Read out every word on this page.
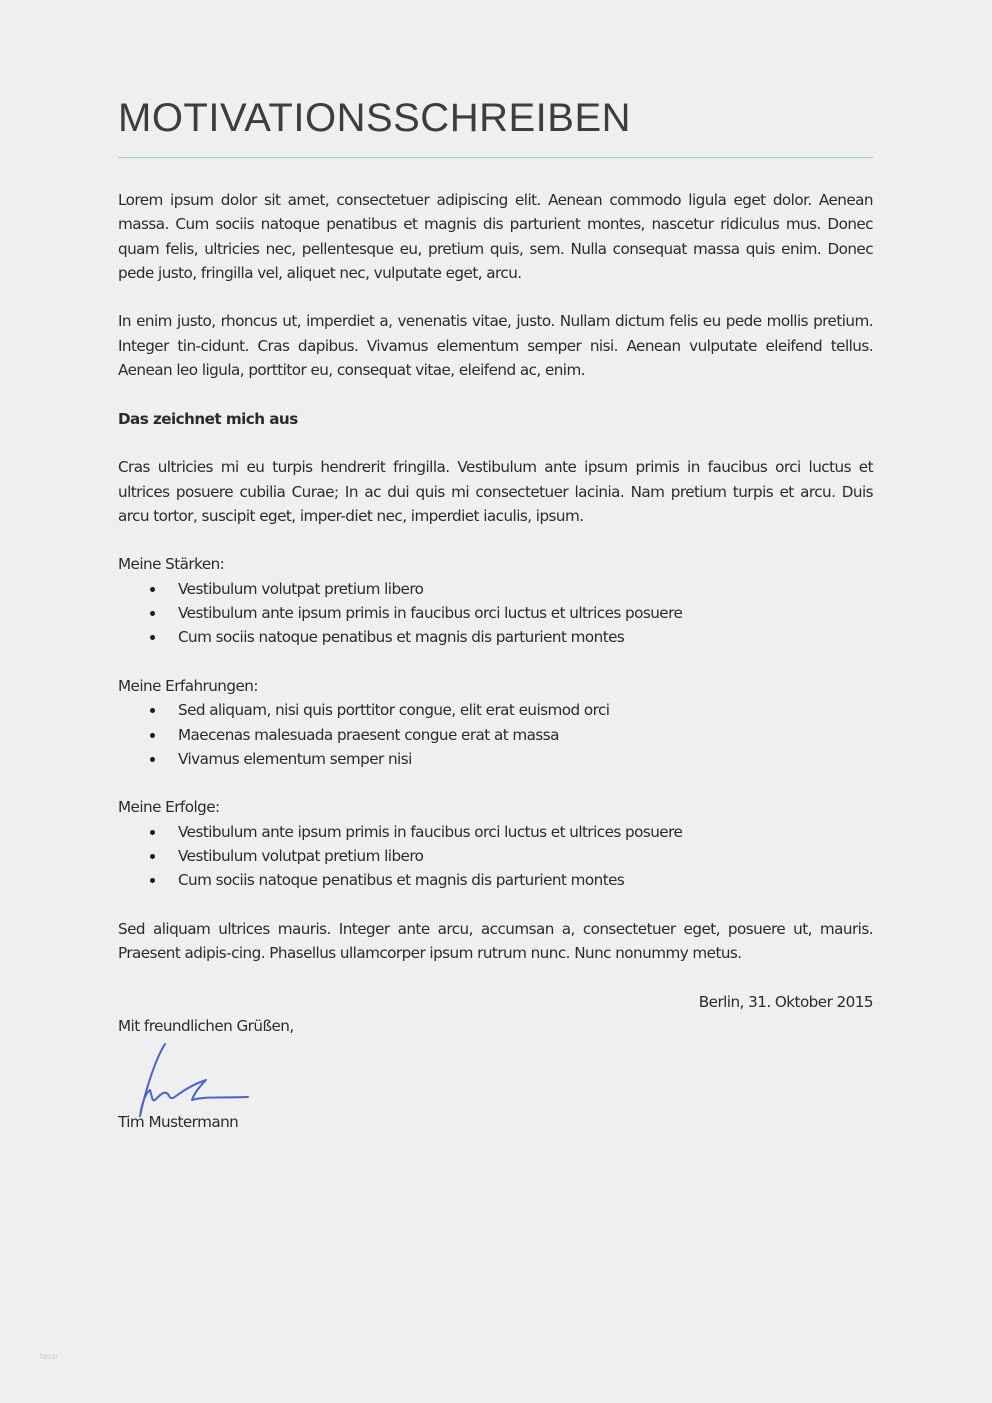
MOTIVATIONSSCHREIBEN

Lorem ipsum dolor sit amet, consectetuer adipiscing elit. Aenean commodo ligula eget dolor. Aenean massa. Cum sociis natoque penatibus et magnis dis parturient montes, nascetur ridiculus mus. Donec quam felis, ultricies nec, pellentesque eu, pretium quis, sem. Nulla consequat massa quis enim. Donec pede justo, fringilla vel, aliquet nec, vulputate eget, arcu.

In enim justo, rhoncus ut, imperdiet a, venenatis vitae, justo. Nullam dictum felis eu pede mollis pretium. Integer tin-cidunt. Cras dapibus. Vivamus elementum semper nisi. Aenean vulputate eleifend tellus. Aenean leo ligula, porttitor eu, consequat vitae, eleifend ac, enim.

Das zeichnet mich aus

Cras ultricies mi eu turpis hendrerit fringilla. Vestibulum ante ipsum primis in faucibus orci luctus et ultrices posuere cubilia Curae; In ac dui quis mi consectetuer lacinia. Nam pretium turpis et arcu. Duis arcu tortor, suscipit eget, imper-diet nec, imperdiet iaculis, ipsum.

Meine Stärken:
Vestibulum volutpat pretium libero
Vestibulum ante ipsum primis in faucibus orci luctus et ultrices posuere
Cum sociis natoque penatibus et magnis dis parturient montes
Meine Erfahrungen:
Sed aliquam, nisi quis porttitor congue, elit erat euismod orci
Maecenas malesuada praesent congue erat at massa
Vivamus elementum semper nisi
Meine Erfolge:
Vestibulum ante ipsum primis in faucibus orci luctus et ultrices posuere
Vestibulum volutpat pretium libero
Cum sociis natoque penatibus et magnis dis parturient montes

Sed aliquam ultrices mauris. Integer ante arcu, accumsan a, consectetuer eget, posuere ut, mauris. Praesent adipis-cing. Phasellus ullamcorper ipsum rutrum nunc. Nunc nonummy metus.

Berlin, 31. Oktober 2015
Mit freundlichen Grüßen,
Tim Mustermann
tecp
